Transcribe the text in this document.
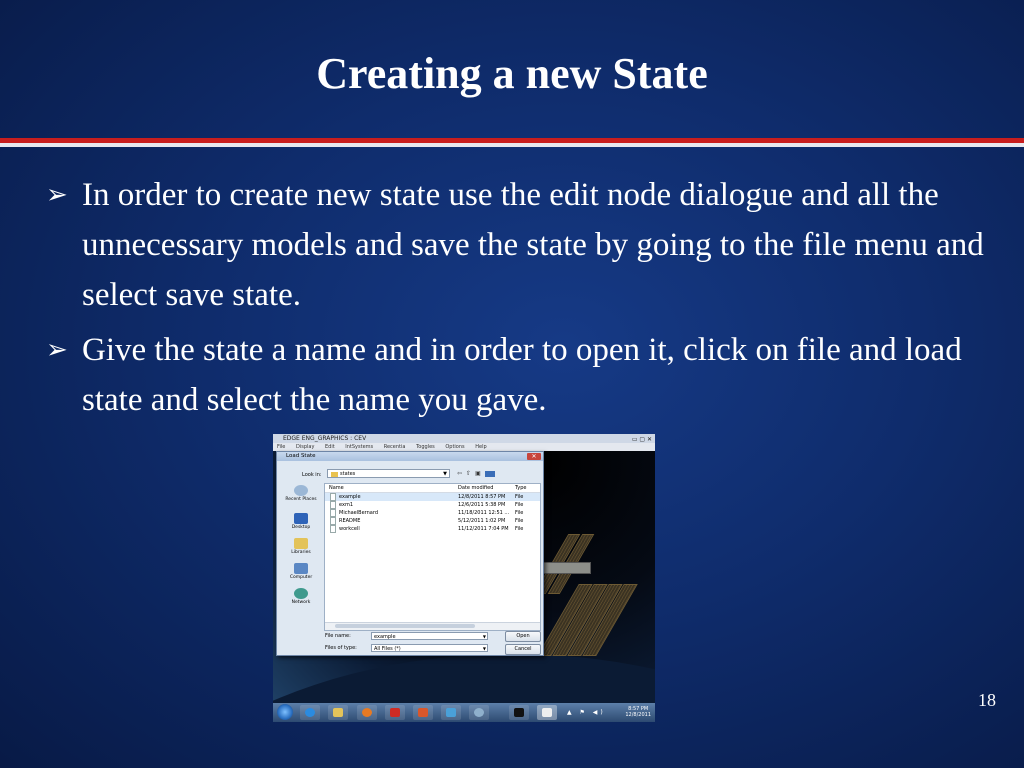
Creating a new State
➢ In order to create new state use the edit node dialogue and all the unnecessary models and save the state by going to the file menu and select save state.
➢ Give the state a name and in order to open it, click on file and load state and select the name you gave.
EDGE ENG_GRAPHICS : CEV	▭ ▢ ✕
File Display Edit IntSystems Recentia Toggles Options Help
Load State	✕
Look in:	states	▼ ⇦⇧▣
Recent Places
Desktop
Libraries
Computer
Network
Name	Date modified	Type
example	12/8/2011 8:57 PM File
exm1	12/6/2011 5:38 PM File
MichaelBernard	11/18/2011 12:51 ... File
README	5/12/2011 1:02 PM File
workcell	11/12/2011 7:04 PM File
File name:	example	▼
Files of type:	All Files (*)	▼
Open
Cancel
▲ ⚑ ◀)	8:57 PM
12/8/2011
18
